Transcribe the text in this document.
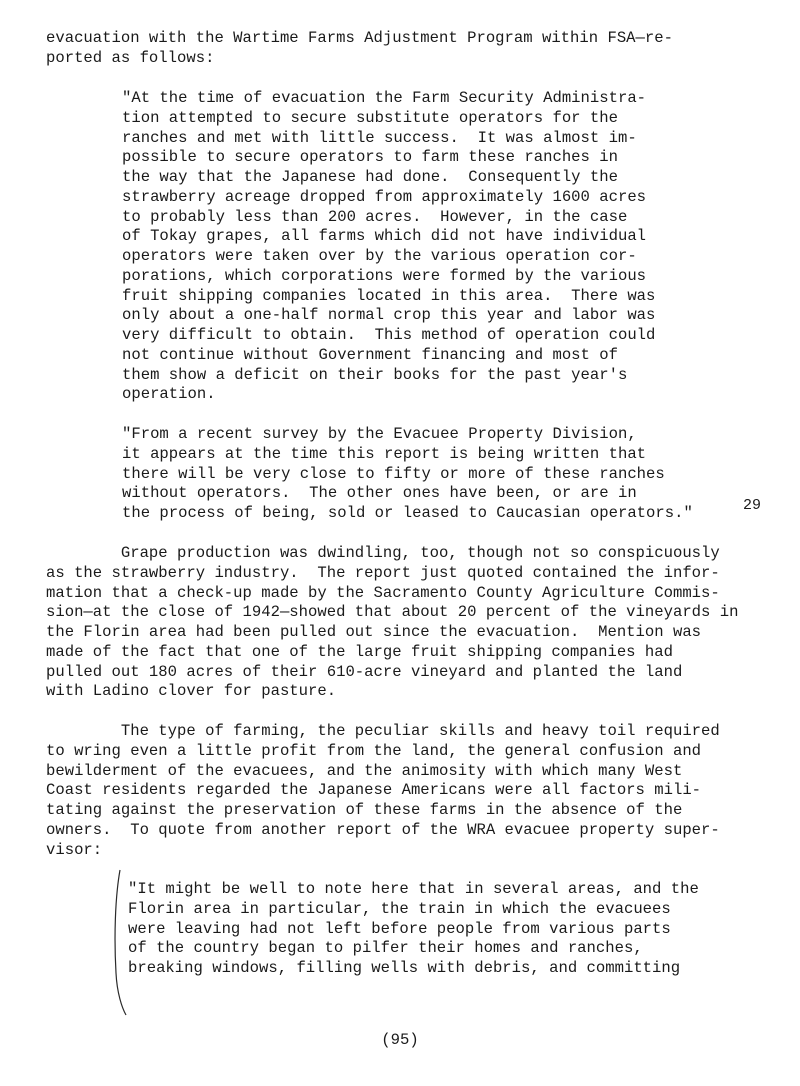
evacuation with the Wartime Farms Adjustment Program within FSA—re-
ported as follows:
"At the time of evacuation the Farm Security Administra-
tion attempted to secure substitute operators for the
ranches and met with little success.  It was almost im-
possible to secure operators to farm these ranches in
the way that the Japanese had done.  Consequently the
strawberry acreage dropped from approximately 1600 acres
to probably less than 200 acres.  However, in the case
of Tokay grapes, all farms which did not have individual
operators were taken over by the various operation cor-
porations, which corporations were formed by the various
fruit shipping companies located in this area.  There was
only about a one-half normal crop this year and labor was
very difficult to obtain.  This method of operation could
not continue without Government financing and most of
them show a deficit on their books for the past year's
operation.
"From a recent survey by the Evacuee Property Division,
it appears at the time this report is being written that
there will be very close to fifty or more of these ranches
without operators.  The other ones have been, or are in
the process of being, sold or leased to Caucasian operators."	29
Grape production was dwindling, too, though not so conspicuously
as the strawberry industry.  The report just quoted contained the infor-
mation that a check-up made by the Sacramento County Agriculture Commis-
sion—at the close of 1942—showed that about 20 percent of the vineyards in
the Florin area had been pulled out since the evacuation.  Mention was
made of the fact that one of the large fruit shipping companies had
pulled out 180 acres of their 610-acre vineyard and planted the land
with Ladino clover for pasture.
The type of farming, the peculiar skills and heavy toil required
to wring even a little profit from the land, the general confusion and
bewilderment of the evacuees, and the animosity with which many West
Coast residents regarded the Japanese Americans were all factors mili-
tating against the preservation of these farms in the absence of the
owners.  To quote from another report of the WRA evacuee property super-
visor:
"It might be well to note here that in several areas, and the
Florin area in particular, the train in which the evacuees
were leaving had not left before people from various parts
of the country began to pilfer their homes and ranches,
breaking windows, filling wells with debris, and committing
(95)
